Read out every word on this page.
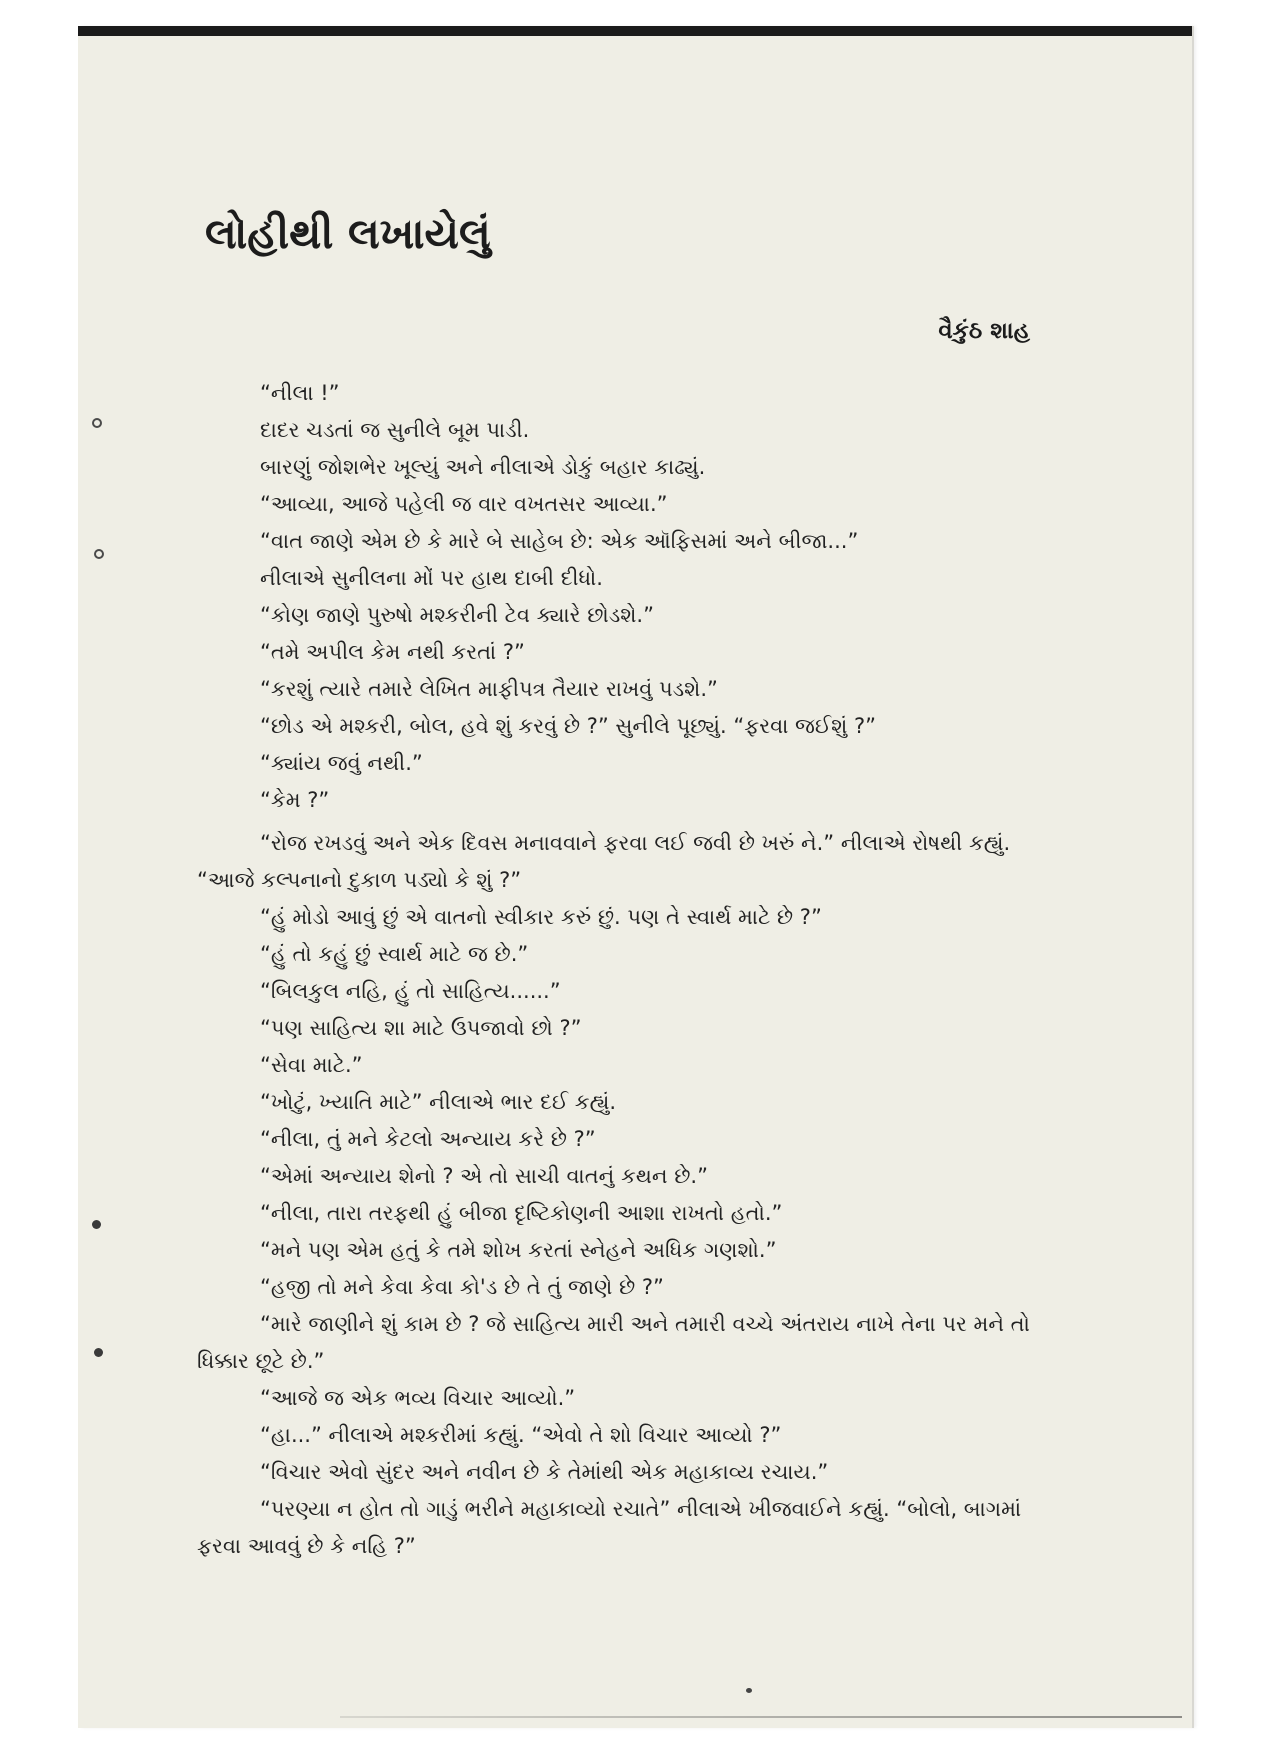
લોહીથી લખાયેલું
વૈકુંઠ શાહ

“નીલા !”

દાદર ચડતાં જ સુનીલે બૂમ પાડી.

બારણું જોશભેર ખૂલ્યું અને નીલાએ ડોકું બહાર કાઢ્યું.

“આવ્યા, આજે પહેલી જ વાર વખતસર આવ્યા.”

“વાત જાણે એમ છે કે મારે બે સાહેબ છે: એક ઑફિસમાં અને બીજા...”

નીલાએ સુનીલના મોં પર હાથ દાબી દીધો.

“કોણ જાણે પુરુષો મશ્કરીની ટેવ ક્યારે છોડશે.”

“તમે અપીલ કેમ નથી કરતાં ?”

“કરશું ત્યારે તમારે લેખિત માફીપત્ર તૈયાર રાખવું પડશે.”

“છોડ એ મશ્કરી, બોલ, હવે શું કરવું છે ?” સુનીલે પૂછ્યું. “ફરવા જઈશું ?”

“ક્યાંય જવું નથી.”

“કેમ ?”

“રોજ રખડવું અને એક દિવસ મનાવવાને ફરવા લઈ જવી છે ખરું ને.” નીલાએ રોષથી કહ્યું. “આજે કલ્પનાનો દુકાળ પડ્યો કે શું ?”

“હું મોડો આવું છું એ વાતનો સ્વીકાર કરું છું. પણ તે સ્વાર્થ માટે છે ?”

“હું તો કહું છું સ્વાર્થ માટે જ છે.”

“બિલકુલ નહિ, હું તો સાહિત્ય......”

“પણ સાહિત્ય શા માટે ઉપજાવો છો ?”

“સેવા માટે.”

“ખોટું, ખ્યાતિ માટે” નીલાએ ભાર દઈ કહ્યું.

“નીલા, તું મને કેટલો અન્યાય કરે છે ?”

“એમાં અન્યાય શેનો ? એ તો સાચી વાતનું કથન છે.”

“નીલા, તારા તરફથી હું બીજા દૃષ્ટિકોણની આશા રાખતો હતો.”

“મને પણ એમ હતું કે તમે શોખ કરતાં સ્નેહને અધિક ગણશો.”

“હજી તો મને કેવા કેવા કો'ડ છે તે તું જાણે છે ?”

“મારે જાણીને શું કામ છે ? જે સાહિત્ય મારી અને તમારી વચ્ચે અંતરાય નાખે તેના પર મને તો ધિક્કાર છૂટે છે.”

“આજે જ એક ભવ્ય વિચાર આવ્યો.”

“હા...” નીલાએ મશ્કરીમાં કહ્યું. “એવો તે શો વિચાર આવ્યો ?”

“વિચાર એવો સુંદર અને નવીન છે કે તેમાંથી એક મહાકાવ્ય રચાય.”

“પરણ્યા ન હોત તો ગાડું ભરીને મહાકાવ્યો રચાતે” નીલાએ ખીજવાઈને કહ્યું. “બોલો, બાગમાં ફરવા આવવું છે કે નહિ ?”
